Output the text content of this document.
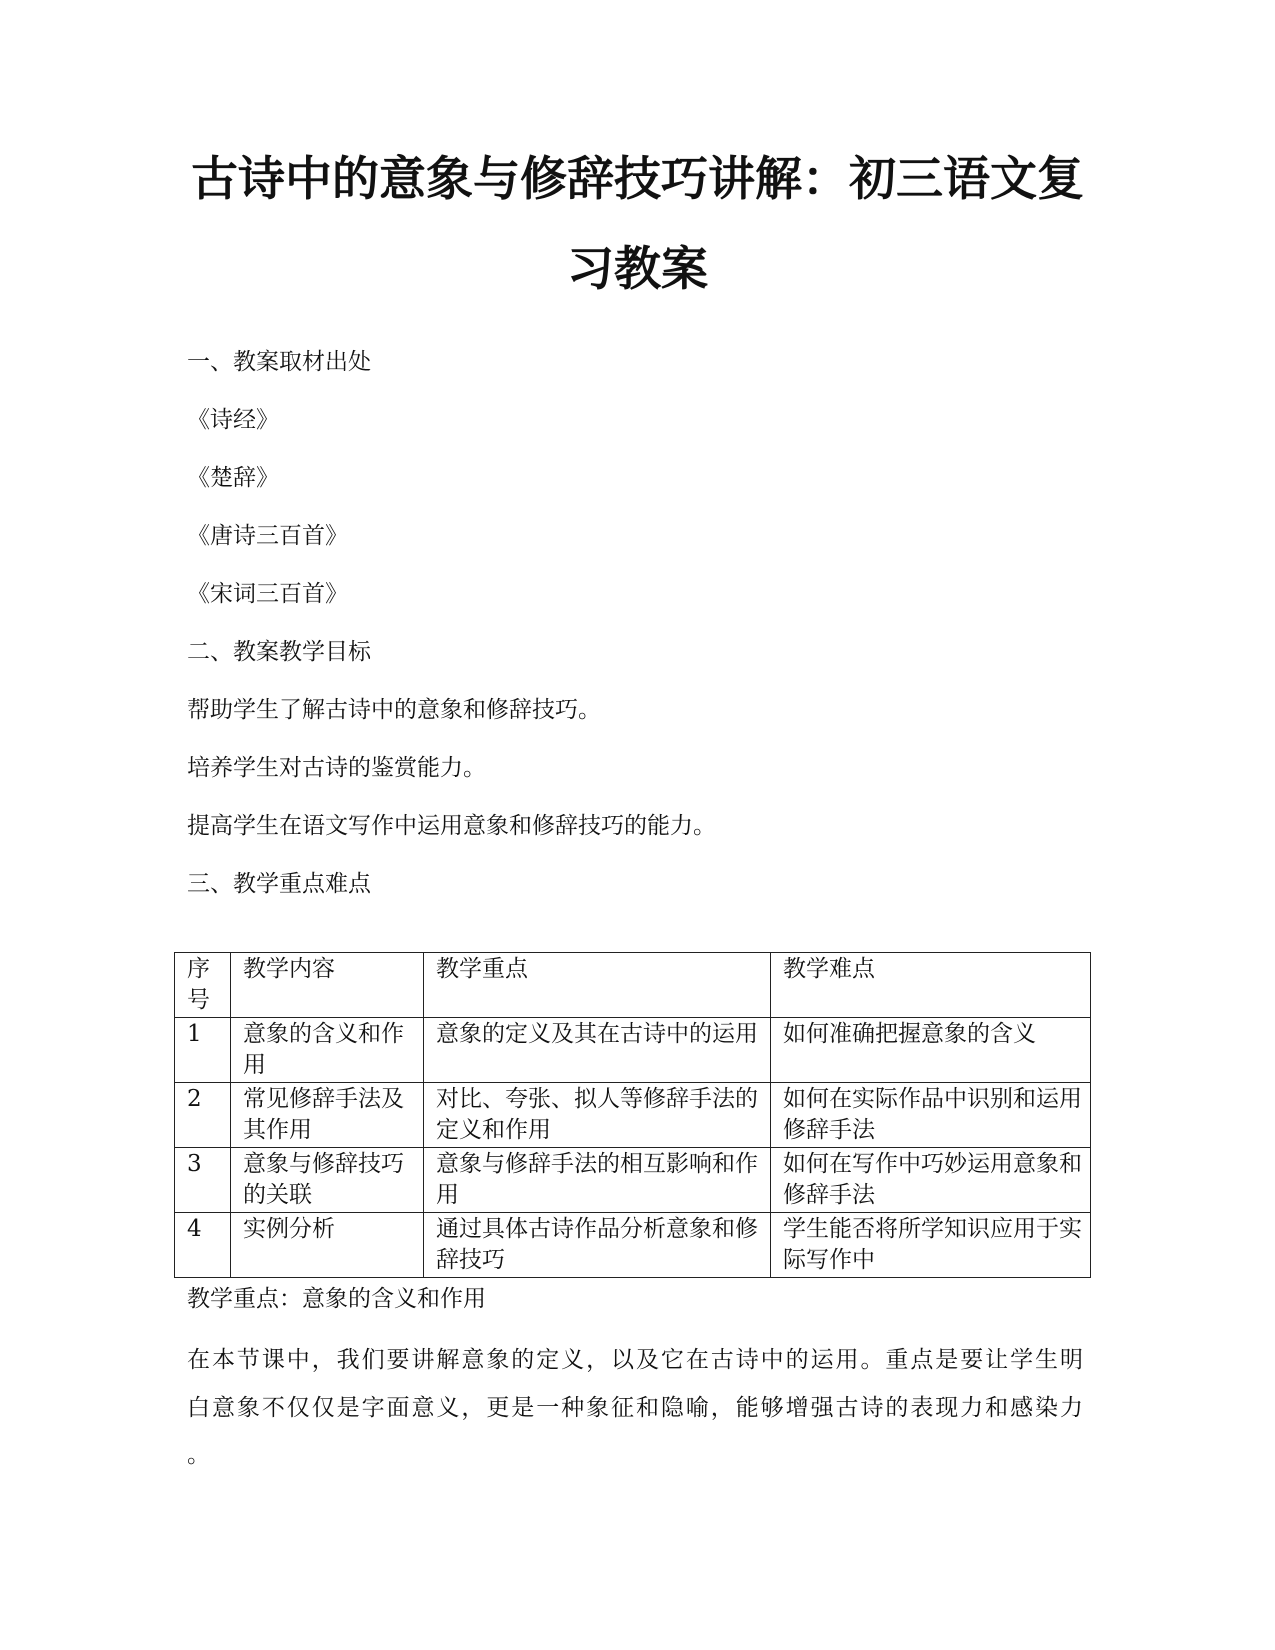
古诗中的意象与修辞技巧讲解：初三语文复
习教案

一、教案取材出处

《诗经》

《楚辞》

《唐诗三百首》

《宋词三百首》

二、教案教学目标

帮助学生了解古诗中的意象和修辞技巧。

培养学生对古诗的鉴赏能力。

提高学生在语文写作中运用意象和修辞技巧的能力。

三、教学重点难点

序号	教学内容	教学重点	教学难点
1	意象的含义和作用	意象的定义及其在古诗中的运用	如何准确把握意象的含义
2	常见修辞手法及其作用	对比、夸张、拟人等修辞手法的定义和作用	如何在实际作品中识别和运用修辞手法
3	意象与修辞技巧的关联	意象与修辞手法的相互影响和作用	如何在写作中巧妙运用意象和修辞手法
4	实例分析	通过具体古诗作品分析意象和修辞技巧	学生能否将所学知识应用于实际写作中

教学重点：意象的含义和作用

在本节课中，我们要讲解意象的定义，以及它在古诗中的运用。重点是要让学生明

白意象不仅仅是字面意义，更是一种象征和隐喻，能够增强古诗的表现力和感染力

。
